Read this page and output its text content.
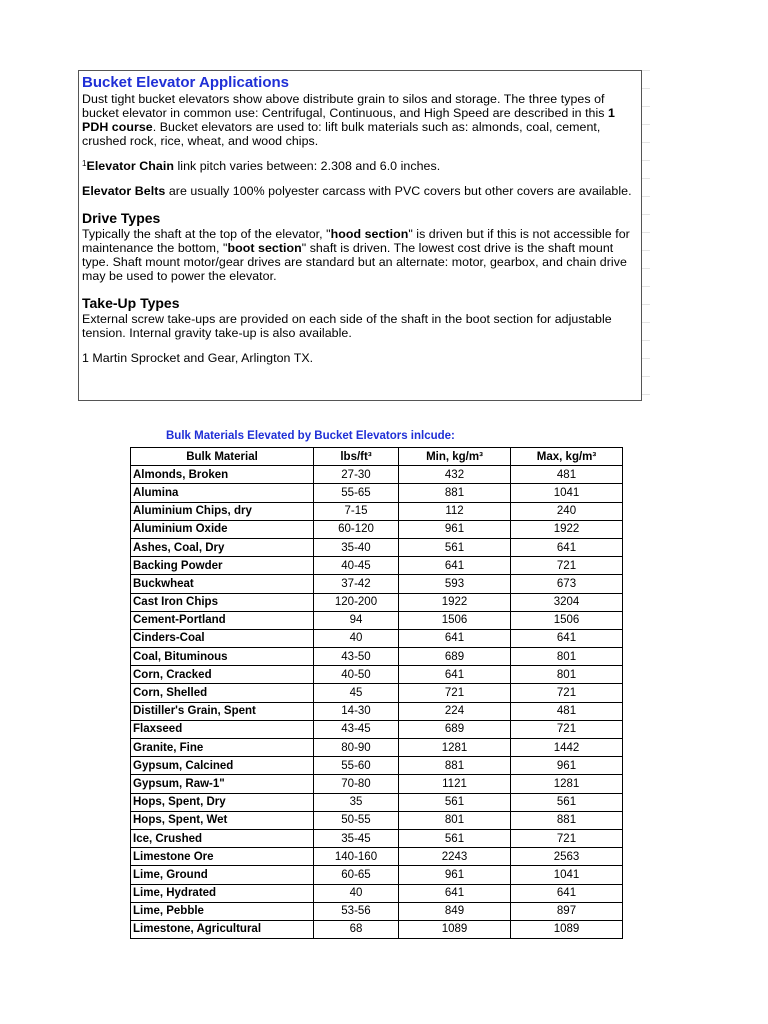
Bucket Elevator Applications

Dust tight bucket elevators show above distribute grain to silos and storage. The three types of bucket elevator in common use: Centrifugal, Continuous, and High Speed are described in this 1 PDH course. Bucket elevators are used to: lift bulk materials such as: almonds, coal, cement, crushed rock, rice, wheat, and wood chips.

$^1$Elevator Chain link pitch varies between: 2.308 and 6.0 inches.

Elevator Belts are usually 100% polyester carcass with PVC covers but other covers are available.

Drive Types

Typically the shaft at the top of the elevator, "hood section" is driven but if this is not accessible for maintenance the bottom, "boot section" shaft is driven. The lowest cost drive is the shaft mount type. Shaft mount motor/gear drives are standard but an alternate: motor, gearbox, and chain drive may be used to power the elevator.

Take-Up Types

External screw take-ups are provided on each side of the shaft in the boot section for adjustable tension. Internal gravity take-up is also available.

1 Martin Sprocket and Gear, Arlington TX.

Bulk Materials Elevated by Bucket Elevators inlcude:
Bulk Material	lbs/ft³	Min, kg/m³	Max, kg/m³
Almonds, Broken	27-30	432	481
Alumina	55-65	881	1041
Aluminium Chips, dry	7-15	112	240
Aluminium Oxide	60-120	961	1922
Ashes, Coal, Dry	35-40	561	641
Backing Powder	40-45	641	721
Buckwheat	37-42	593	673
Cast Iron Chips	120-200	1922	3204
Cement-Portland	94	1506	1506
Cinders-Coal	40	641	641
Coal, Bituminous	43-50	689	801
Corn, Cracked	40-50	641	801
Corn, Shelled	45	721	721
Distiller's Grain, Spent	14-30	224	481
Flaxseed	43-45	689	721
Granite, Fine	80-90	1281	1442
Gypsum, Calcined	55-60	881	961
Gypsum, Raw-1"	70-80	1121	1281
Hops, Spent, Dry	35	561	561
Hops, Spent, Wet	50-55	801	881
Ice, Crushed	35-45	561	721
Limestone Ore	140-160	2243	2563
Lime, Ground	60-65	961	1041
Lime, Hydrated	40	641	641
Lime, Pebble	53-56	849	897
Limestone, Agricultural	68	1089	1089
